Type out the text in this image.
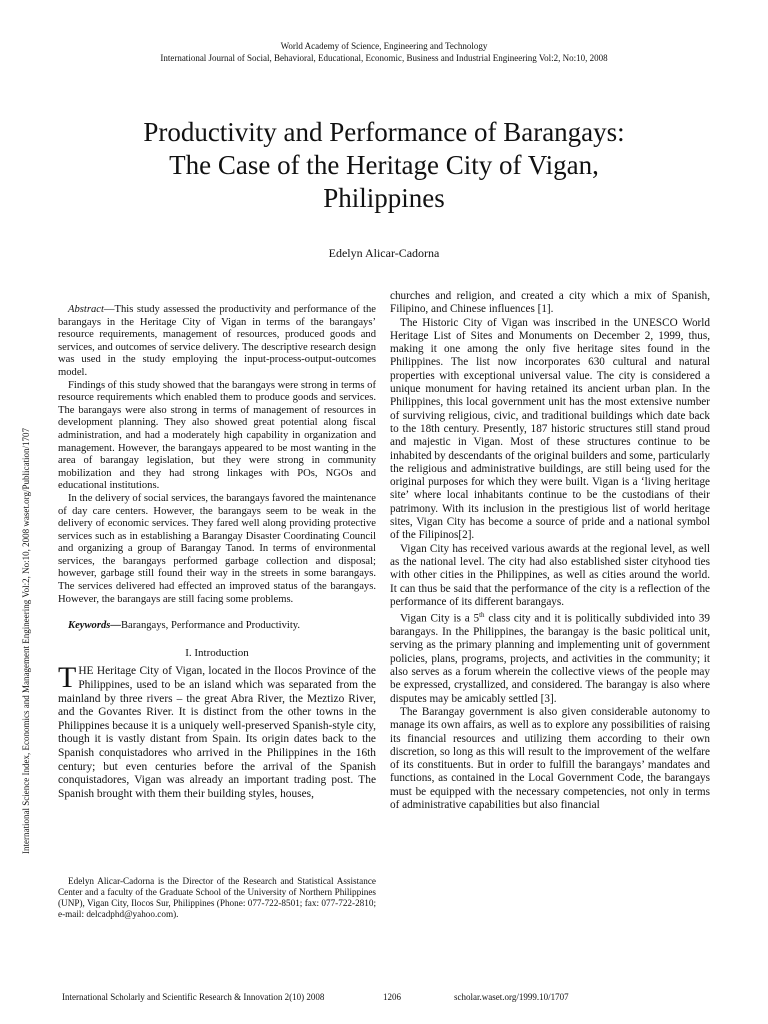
World Academy of Science, Engineering and Technology
International Journal of Social, Behavioral, Educational, Economic, Business and Industrial Engineering Vol:2, No:10, 2008
Productivity and Performance of Barangays:
The Case of the Heritage City of Vigan,
Philippines
Edelyn Alicar-Cadorna
International Science Index, Economics and Management Engineering Vol:2, No:10, 2008 waset.org/Publication/1707

Abstract—This study assessed the productivity and performance of the barangays in the Heritage City of Vigan in terms of the barangays’ resource requirements, management of resources, produced goods and services, and outcomes of service delivery. The descriptive research design was used in the study employing the input-process-output-outcomes model.

Findings of this study showed that the barangays were strong in terms of resource requirements which enabled them to produce goods and services. The barangays were also strong in terms of management of resources in development planning. They also showed great potential along fiscal administration, and had a moderately high capability in organization and management. However, the barangays appeared to be most wanting in the area of barangay legislation, but they were strong in community mobilization and they had strong linkages with POs, NGOs and educational institutions.

In the delivery of social services, the barangays favored the maintenance of day care centers. However, the barangays seem to be weak in the delivery of economic services. They fared well along providing protective services such as in establishing a Barangay Disaster Coordinating Council and organizing a group of Barangay Tanod. In terms of environmental services, the barangays performed garbage collection and disposal; however, garbage still found their way in the streets in some barangays. The services delivered had effected an improved status of the barangays. However, the barangays are still facing some problems.

Keywords—Barangays, Performance and Productivity.

I. Introduction

THE Heritage City of Vigan, located in the Ilocos Province of the Philippines, used to be an island which was separated from the mainland by three rivers – the great Abra River, the Meztizo River, and the Govantes River. It is distinct from the other towns in the Philippines because it is a uniquely well-preserved Spanish-style city, though it is vastly distant from Spain. Its origin dates back to the Spanish conquistadores who arrived in the Philippines in the 16th century; but even centuries before the arrival of the Spanish conquistadores, Vigan was already an important trading post. The Spanish brought with them their building styles, houses,

Edelyn Alicar-Cadorna is the Director of the Research and Statistical Assistance Center and a faculty of the Graduate School of the University of Northern Philippines (UNP), Vigan City, Ilocos Sur, Philippines (Phone: 077-722-8501; fax: 077-722-2810; e-mail: delcadphd@yahoo.com).

churches and religion, and created a city which a mix of Spanish, Filipino, and Chinese influences [1].

The Historic City of Vigan was inscribed in the UNESCO World Heritage List of Sites and Monuments on December 2, 1999, thus, making it one among the only five heritage sites found in the Philippines. The list now incorporates 630 cultural and natural properties with exceptional universal value. The city is considered a unique monument for having retained its ancient urban plan. In the Philippines, this local government unit has the most extensive number of surviving religious, civic, and traditional buildings which date back to the 18th century. Presently, 187 historic structures still stand proud and majestic in Vigan. Most of these structures continue to be inhabited by descendants of the original builders and some, particularly the religious and administrative buildings, are still being used for the original purposes for which they were built. Vigan is a ‘living heritage site’ where local inhabitants continue to be the custodians of their patrimony. With its inclusion in the prestigious list of world heritage sites, Vigan City has become a source of pride and a national symbol of the Filipinos[2].

Vigan City has received various awards at the regional level, as well as the national level. The city had also established sister cityhood ties with other cities in the Philippines, as well as cities around the world. It can thus be said that the performance of the city is a reflection of the performance of its different barangays.

Vigan City is a 5th class city and it is politically subdivided into 39 barangays. In the Philippines, the barangay is the basic political unit, serving as the primary planning and implementing unit of government policies, plans, programs, projects, and activities in the community; it also serves as a forum wherein the collective views of the people may be expressed, crystallized, and considered. The barangay is also where disputes may be amicably settled [3].

The Barangay government is also given considerable autonomy to manage its own affairs, as well as to explore any possibilities of raising its financial resources and utilizing them according to their own discretion, so long as this will result to the improvement of the welfare of its constituents. But in order to fulfill the barangays’ mandates and functions, as contained in the Local Government Code, the barangays must be equipped with the necessary competencies, not only in terms of administrative capabilities but also financial

International Scholarly and Scientific Research & Innovation 2(10) 2008	1206	scholar.waset.org/1999.10/1707
